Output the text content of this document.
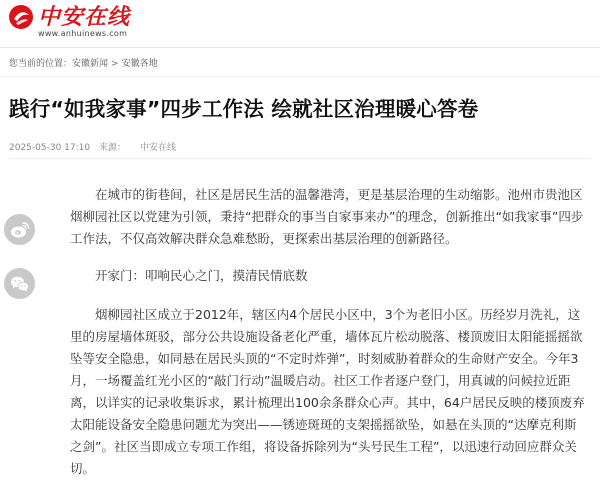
中安在线
www.anhuinews.com
您当前的位置：安徽新闻 > 安徽各地
践行“如我家事”四步工作法 绘就社区治理暖心答卷
2025-05-30 17:10 来源： 中安在线

在城市的街巷间，社区是居民生活的温馨港湾，更是基层治理的生动缩影。池州市贵池区烟柳园社区以党建为引领，秉持“把群众的事当自家事来办”的理念，创新推出“如我家事”四步工作法，不仅高效解决群众急难愁盼，更探索出基层治理的创新路径。

开家门：叩响民心之门，摸清民情底数

烟柳园社区成立于2012年，辖区内4个居民小区中，3个为老旧小区。历经岁月洗礼，这里的房屋墙体斑驳，部分公共设施设备老化严重，墙体瓦片松动脱落、楼顶废旧太阳能摇摇欲坠等安全隐患，如同悬在居民头顶的“不定时炸弹”，时刻威胁着群众的生命财产安全。今年3月，一场覆盖红光小区的“敲门行动”温暖启动。社区工作者逐户登门，用真诚的问候拉近距离，以详实的记录收集诉求，累计梳理出100余条群众心声。其中，64户居民反映的楼顶废弃太阳能设备安全隐患问题尤为突出——锈迹斑斑的支架摇摇欲坠，如悬在头顶的“达摩克利斯之剑”。社区当即成立专项工作组，将设备拆除列为“头号民生工程”，以迅速行动回应群众关切。
